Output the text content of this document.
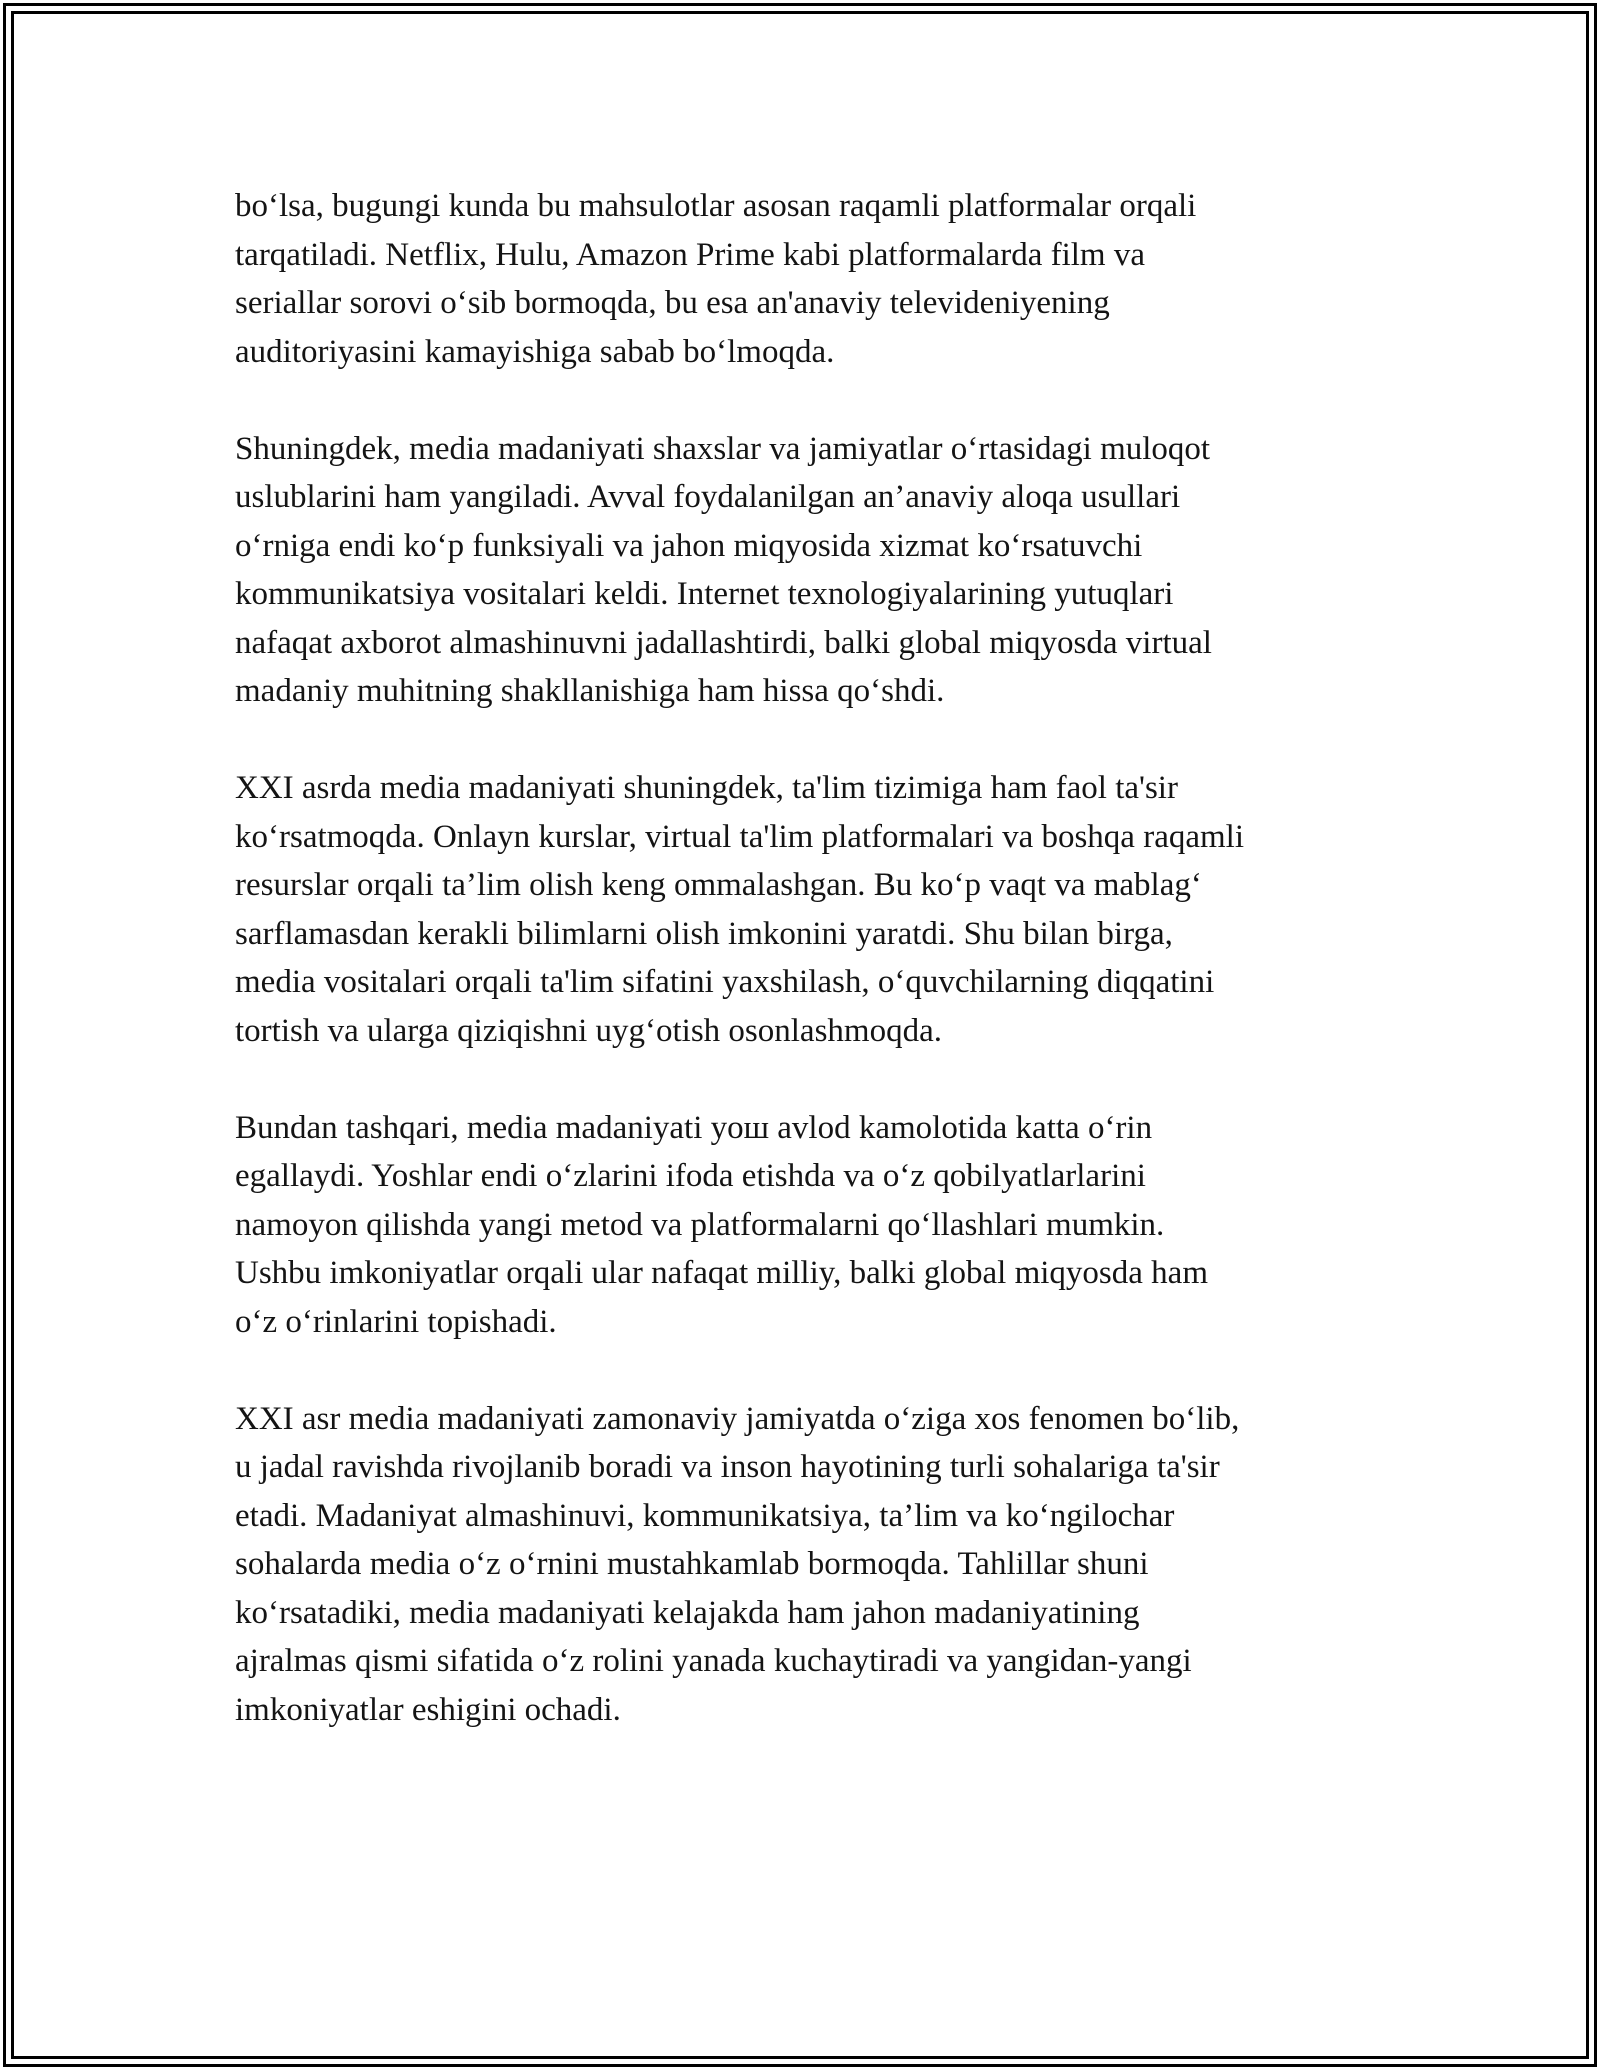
bo‘lsa, bugungi kunda bu mahsulotlar asosan raqamli platformalar orqali
tarqatiladi. Netflix, Hulu, Amazon Prime kabi platformalarda film va
seriallar sorovi o‘sib bormoqda, bu esa an'anaviy televideniyening
auditoriyasini kamayishiga sabab bo‘lmoqda.

Shuningdek, media madaniyati shaxslar va jamiyatlar o‘rtasidagi muloqot
uslublarini ham yangiladi. Avval foydalanilgan an’anaviy aloqa usullari
o‘rniga endi ko‘p funksiyali va jahon miqyosida xizmat ko‘rsatuvchi
kommunikatsiya vositalari keldi. Internet texnologiyalarining yutuqlari
nafaqat axborot almashinuvni jadallashtirdi, balki global miqyosda virtual
madaniy muhitning shakllanishiga ham hissa qo‘shdi.

XXI asrda media madaniyati shuningdek, ta'lim tizimiga ham faol ta'sir
ko‘rsatmoqda. Onlayn kurslar, virtual ta'lim platformalari va boshqa raqamli
resurslar orqali ta’lim olish keng ommalashgan. Bu ko‘p vaqt va mablag‘
sarflamasdan kerakli bilimlarni olish imkonini yaratdi. Shu bilan birga,
media vositalari orqali ta'lim sifatini yaxshilash, o‘quvchilarning diqqatini
tortish va ularga qiziqishni uyg‘otish osonlashmoqda.

Bundan tashqari, media madaniyati yoш avlod kamolotida katta o‘rin
egallaydi. Yoshlar endi o‘zlarini ifoda etishda va o‘z qobilyatlarlarini
namoyon qilishda yangi metod va platformalarni qo‘llashlari mumkin.
Ushbu imkoniyatlar orqali ular nafaqat milliy, balki global miqyosda ham
o‘z o‘rinlarini topishadi.

XXI asr media madaniyati zamonaviy jamiyatda o‘ziga xos fenomen bo‘lib,
u jadal ravishda rivojlanib boradi va inson hayotining turli sohalariga ta'sir
etadi. Madaniyat almashinuvi, kommunikatsiya, ta’lim va ko‘ngilochar
sohalarda media o‘z o‘rnini mustahkamlab bormoqda. Tahlillar shuni
ko‘rsatadiki, media madaniyati kelajakda ham jahon madaniyatining
ajralmas qismi sifatida o‘z rolini yanada kuchaytiradi va yangidan-yangi
imkoniyatlar eshigini ochadi.
